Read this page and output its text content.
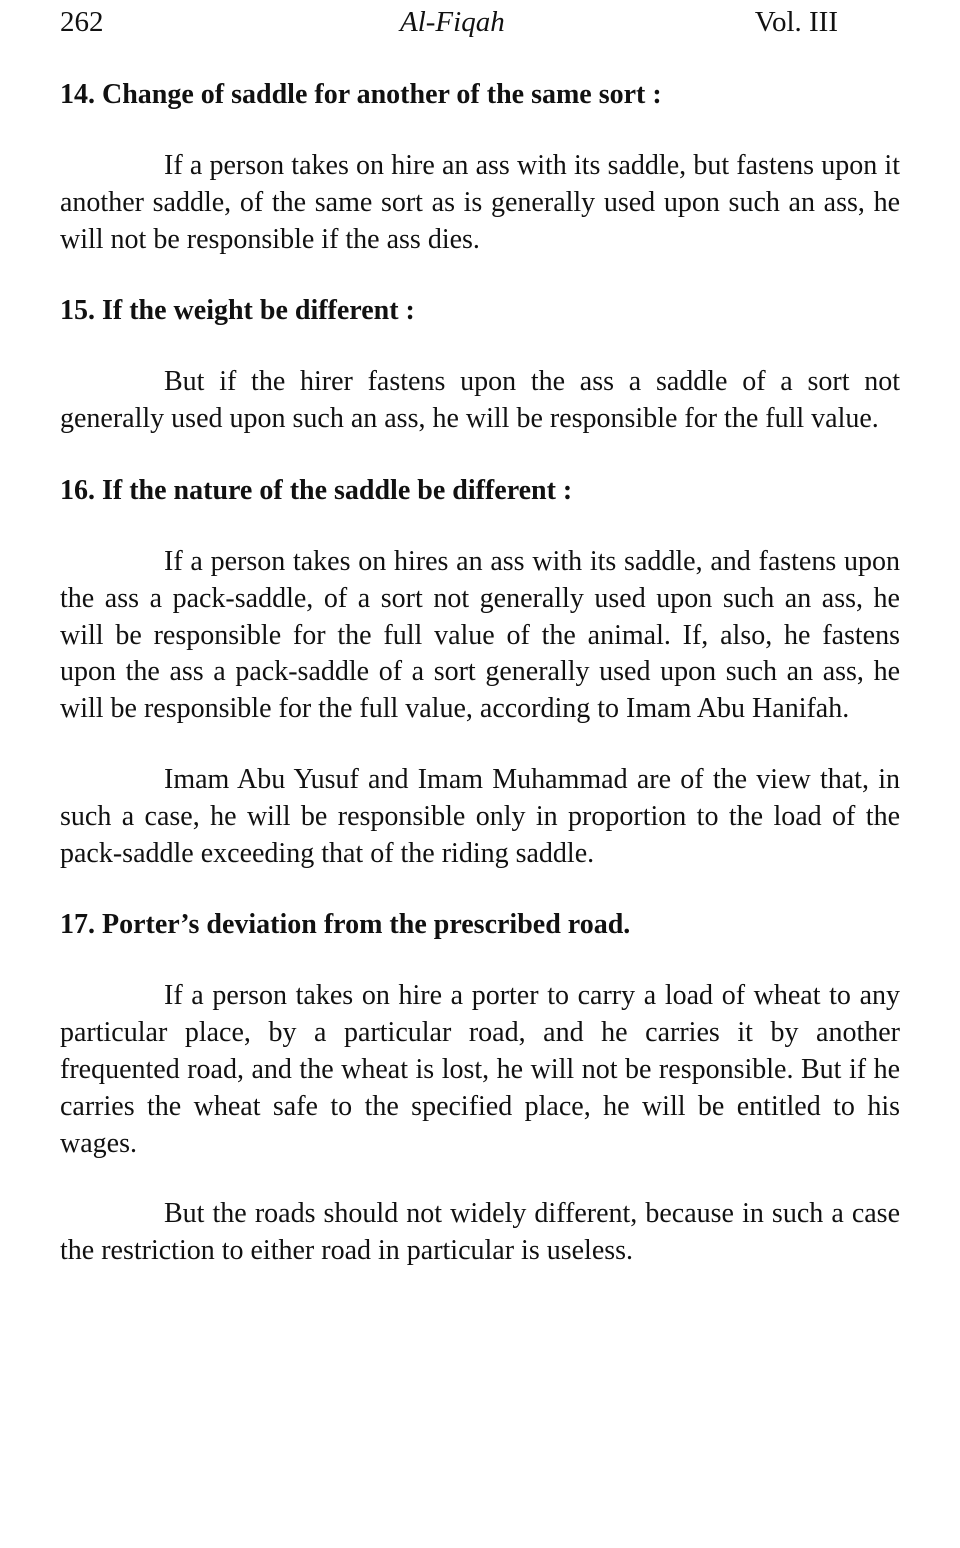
262	Al-Fiqah	Vol. III

14. Change of saddle for another of the same sort :

If a person takes on hire an ass with its saddle, but fastens upon it another saddle, of the same sort as is generally used upon such an ass, he will not be responsible if the ass dies.

15. If the weight be different :

But if the hirer fastens upon the ass a saddle of a sort not generally used upon such an ass, he will be responsible for the full value.

16. If the nature of the saddle be different :

If a person takes on hires an ass with its saddle, and fastens upon the ass a pack-saddle, of a sort not generally used upon such an ass, he will be responsible for the full value of the animal. If, also, he fastens upon the ass a pack-saddle of a sort generally used upon such an ass, he will be responsible for the full value, according to Imam Abu Hanifah.

Imam Abu Yusuf and Imam Muhammad are of the view that, in such a case, he will be responsible only in proportion to the load of the pack-saddle exceeding that of the riding saddle.

17. Porter’s deviation from the prescribed road.

If a person takes on hire a porter to carry a load of wheat to any particular place, by a particular road, and he carries it by another frequented road, and the wheat is lost, he will not be responsible. But if he carries the wheat safe to the specified place, he will be entitled to his wages.

But the roads should not widely different, because in such a case the restriction to either road in particular is useless.
